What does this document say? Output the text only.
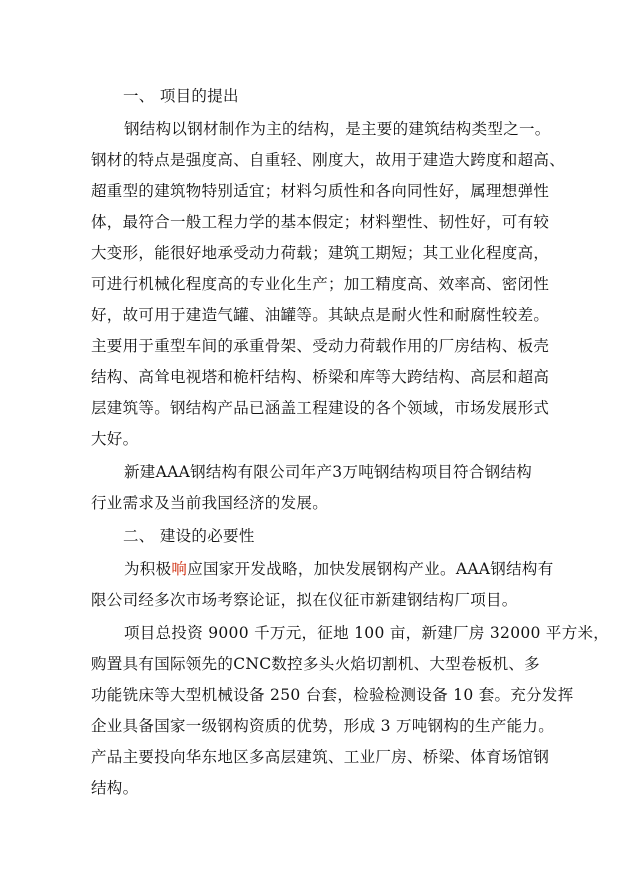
一、 项目的提出
钢结构以钢材制作为主的结构，是主要的建筑结构类型之一。
钢材的特点是强度高、自重轻、刚度大，故用于建造大跨度和超高、
超重型的建筑物特别适宜；材料匀质性和各向同性好，属理想弹性
体，最符合一般工程力学的基本假定；材料塑性、韧性好，可有较
大变形，能很好地承受动力荷载；建筑工期短；其工业化程度高，
可进行机械化程度高的专业化生产；加工精度高、效率高、密闭性
好，故可用于建造气罐、油罐等。其缺点是耐火性和耐腐性较差。
主要用于重型车间的承重骨架、受动力荷载作用的厂房结构、板壳
结构、高耸电视塔和桅杆结构、桥梁和库等大跨结构、高层和超高
层建筑等。钢结构产品已涵盖工程建设的各个领域，市场发展形式
大好。
新建AAA钢结构有限公司年产3万吨钢结构项目符合钢结构
行业需求及当前我国经济的发展。
二、 建设的必要性
为积极响应国家开发战略，加快发展钢构产业。AAA钢结构有
限公司经多次市场考察论证，拟在仪征市新建钢结构厂项目。
项目总投资 9000 千万元，征地 100 亩，新建厂房 32000 平方米，
购置具有国际领先的CNC数控多头火焰切割机、大型卷板机、多
功能铣床等大型机械设备 250 台套，检验检测设备 10 套。充分发挥
企业具备国家一级钢构资质的优势，形成 3 万吨钢构的生产能力。
产品主要投向华东地区多高层建筑、工业厂房、桥梁、体育场馆钢
结构。
